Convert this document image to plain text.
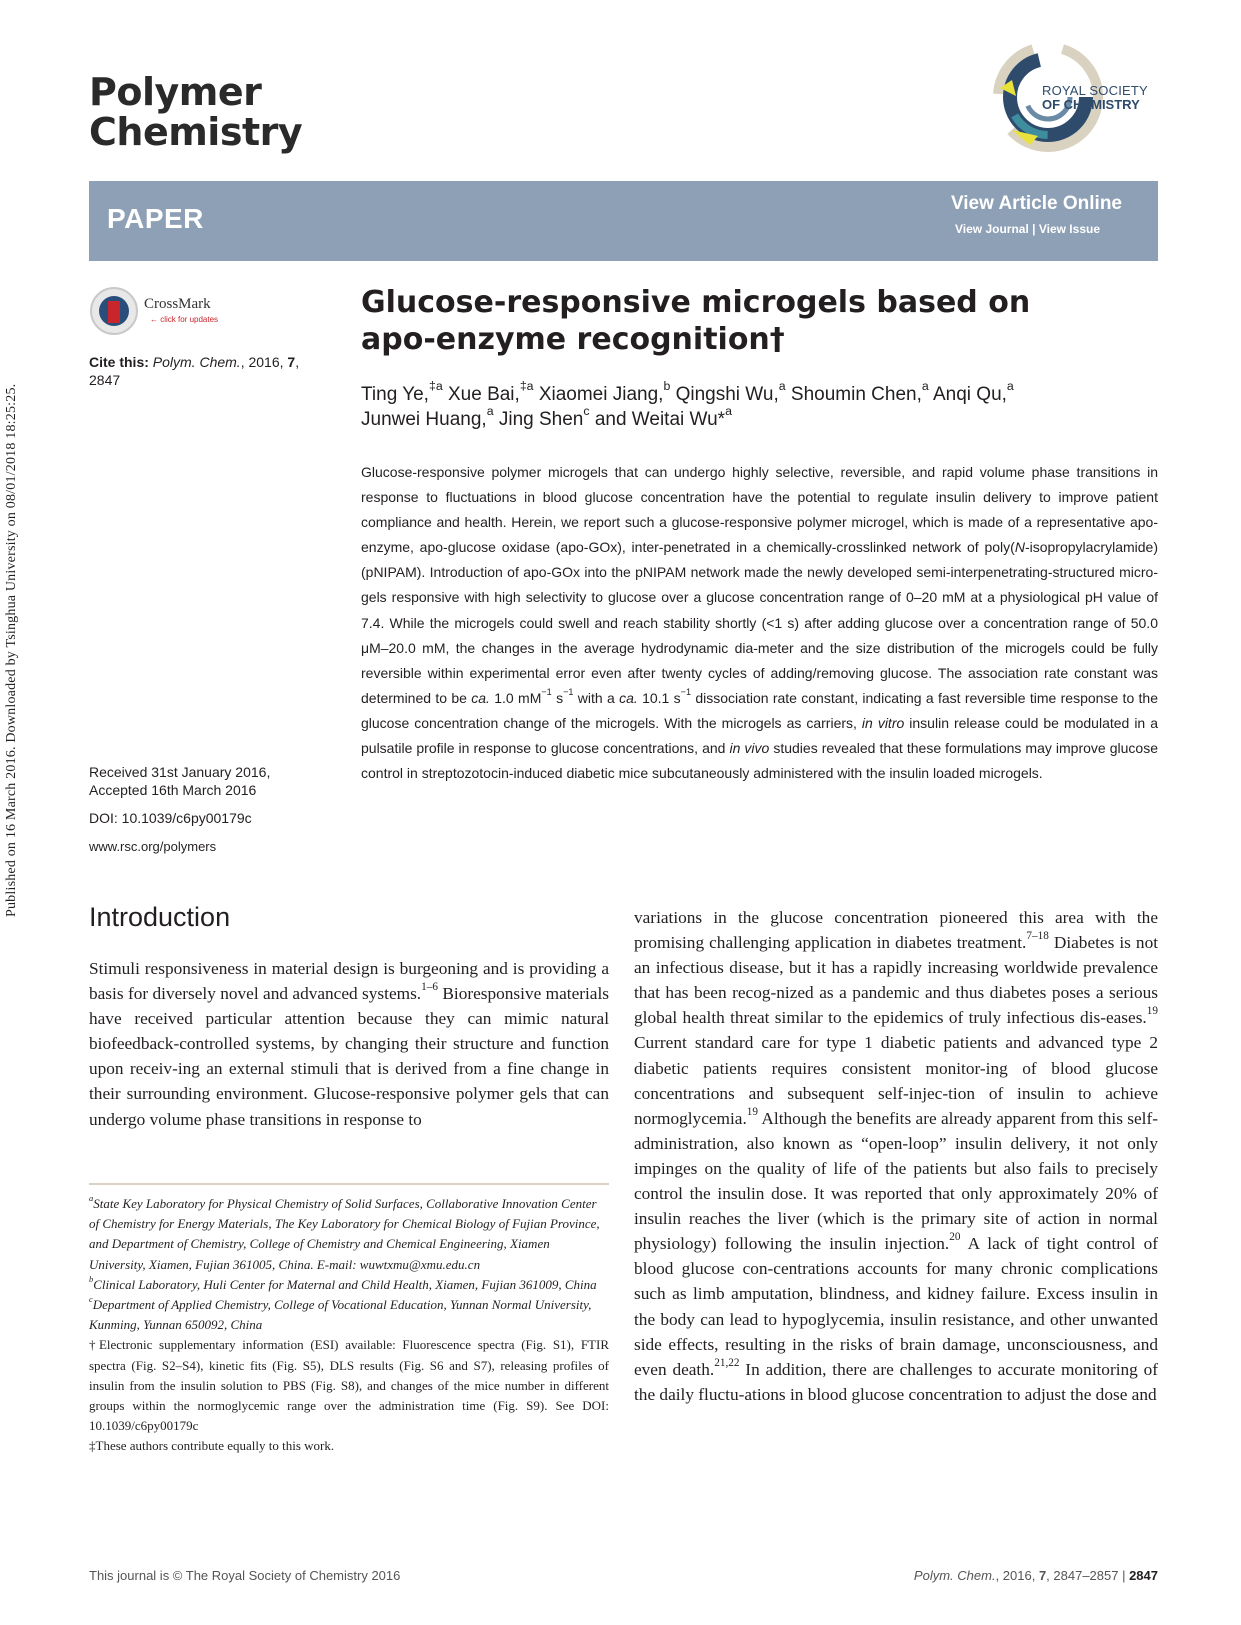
Published on 16 March 2016. Downloaded by Tsinghua University on 08/01/2018 18:25:25.
Polymer
Chemistry
ROYAL SOCIETY
OF CHEMISTRY
PAPER	View Article Online
View Journal | View Issue
CrossMark
← click for updates
Cite this: Polym. Chem., 2016, 7,
2847
Received 31st January 2016,
Accepted 16th March 2016
DOI: 10.1039/c6py00179c
www.rsc.org/polymers
Glucose-responsive microgels based on
apo-enzyme recognition†
Ting Ye,$^{\ddagger a}$ Xue Bai,$^{\ddagger a}$ Xiaomei Jiang,$^b$ Qingshi Wu,$^a$ Shoumin Chen,$^a$ Anqi Qu,$^a$
Junwei Huang,$^a$ Jing Shen$^c$ and Weitai Wu*$^a$
Glucose-responsive polymer microgels that can undergo highly selective, reversible, and rapid volume phase transitions in response to fluctuations in blood glucose concentration have the potential to regulate insulin delivery to improve patient compliance and health. Herein, we report such a glucose-responsive polymer microgel, which is made of a representative apo-enzyme, apo-glucose oxidase (apo-GOx), inter-penetrated in a chemically-crosslinked network of poly(N-isopropylacrylamide) (pNIPAM). Introduction of apo-GOx into the pNIPAM network made the newly developed semi-interpenetrating-structured micro-gels responsive with high selectivity to glucose over a glucose concentration range of 0–20 mM at a physiological pH value of 7.4. While the microgels could swell and reach stability shortly (<1 s) after adding glucose over a concentration range of 50.0 μM–20.0 mM, the changes in the average hydrodynamic dia-meter and the size distribution of the microgels could be fully reversible within experimental error even after twenty cycles of adding/removing glucose. The association rate constant was determined to be ca. 1.0 $mM^{-1}$ $s^{-1}$ with a ca. 10.1 $s^{-1}$ dissociation rate constant, indicating a fast reversible time response to the glucose concentration change of the microgels. With the microgels as carriers, in vitro insulin release could be modulated in a pulsatile profile in response to glucose concentrations, and in vivo studies revealed that these formulations may improve glucose control in streptozotocin-induced diabetic mice subcutaneously administered with the insulin loaded microgels.
Introduction
Stimuli responsiveness in material design is burgeoning and is providing a basis for diversely novel and advanced systems.$^{1-6}$ Bioresponsive materials have received particular attention because they can mimic natural biofeedback-controlled systems, by changing their structure and function upon receiv-ing an external stimuli that is derived from a fine change in their surrounding environment. Glucose-responsive polymer gels that can undergo volume phase transitions in response to
variations in the glucose concentration pioneered this area with the promising challenging application in diabetes treatment.$^{7-18}$ Diabetes is not an infectious disease, but it has a rapidly increasing worldwide prevalence that has been recog-nized as a pandemic and thus diabetes poses a serious global health threat similar to the epidemics of truly infectious dis-eases.$^{19}$ Current standard care for type 1 diabetic patients and advanced type 2 diabetic patients requires consistent monitor-ing of blood glucose concentrations and subsequent self-injec-tion of insulin to achieve normoglycemia.$^{19}$ Although the benefits are already apparent from this self-administration, also known as “open-loop” insulin delivery, it not only impinges on the quality of life of the patients but also fails to precisely control the insulin dose. It was reported that only approximately 20% of insulin reaches the liver (which is the primary site of action in normal physiology) following the insulin injection.$^{20}$ A lack of tight control of blood glucose con-centrations accounts for many chronic complications such as limb amputation, blindness, and kidney failure. Excess insulin in the body can lead to hypoglycemia, insulin resistance, and other unwanted side effects, resulting in the risks of brain damage, unconsciousness, and even death.$^{21,22}$ In addition, there are challenges to accurate monitoring of the daily fluctu-ations in blood glucose concentration to adjust the dose and
$^a$State Key Laboratory for Physical Chemistry of Solid Surfaces, Collaborative Innovation Center of Chemistry for Energy Materials, The Key Laboratory for Chemical Biology of Fujian Province, and Department of Chemistry, College of Chemistry and Chemical Engineering, Xiamen University, Xiamen, Fujian 361005, China. E-mail: wuwtxmu@xmu.edu.cn
$^b$Clinical Laboratory, Huli Center for Maternal and Child Health, Xiamen, Fujian 361009, China
$^c$Department of Applied Chemistry, College of Vocational Education, Yunnan Normal University, Kunming, Yunnan 650092, China
†Electronic supplementary information (ESI) available: Fluorescence spectra (Fig. S1), FTIR spectra (Fig. S2–S4), kinetic fits (Fig. S5), DLS results (Fig. S6 and S7), releasing profiles of insulin from the insulin solution to PBS (Fig. S8), and changes of the mice number in different groups within the normoglycemic range over the administration time (Fig. S9). See DOI: 10.1039/c6py00179c
‡These authors contribute equally to this work.
This journal is © The Royal Society of Chemistry 2016	Polym. Chem., 2016, 7, 2847–2857 | 2847
